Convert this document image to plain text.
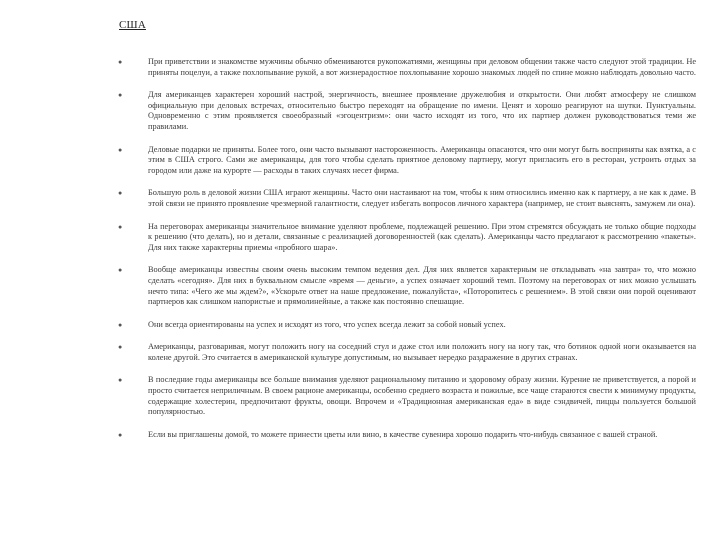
США
●	При приветствии и знакомстве мужчины обычно обмениваются рукопожатиями, женщины при деловом общении также часто следуют этой традиции. Не приняты поцелуи, а также похлопывание рукой, а вот жизнерадостное похлопывание хорошо знакомых людей по спине можно наблюдать довольно часто.
●	Для американцев характерен хороший настрой, энергичность, внешнее проявление дружелюбия и открытости. Они любят атмосферу не слишком официальную при деловых встречах, относительно быстро переходят на обращение по имени. Ценят и хорошо реагируют на шутки. Пунктуальны. Одновременно с этим проявляется своеобразный «эгоцентризм»: они часто исходят из того, что их партнер должен руководствоваться теми же правилами.
●	Деловые подарки не приняты. Более того, они часто вызывают настороженность. Американцы опасаются, что они могут быть восприняты как взятка, а с этим в США строго. Сами же американцы, для того чтобы сделать приятное деловому партнеру, могут пригласить его в ресторан, устроить отдых за городом или даже на курорте — расходы в таких случаях несет фирма.
●	Большую роль в деловой жизни США играют женщины. Часто они настаивают на том, чтобы к ним относились именно как к партнеру, а не как к даме. В этой связи не принято проявление чрезмерной галантности, следует избегать вопросов личного характера (например, не стоит выяснять, замужем ли она).
●	На переговорах американцы значительное внимание уделяют проблеме, подлежащей решению. При этом стремятся обсуждать не только общие подходы к решению (что делать), но и детали, связанные с реализацией договоренностей (как сделать). Американцы часто предлагают к рассмотрению «пакеты». Для них также характерны приемы «пробного шара».
●	Вообще американцы известны своим очень высоким темпом ведения дел. Для них является характерным не откладывать «на завтра» то, что можно сделать «сегодня». Для них в буквальном смысле «время — деньги», а успех означает хороший темп. Поэтому на переговорах от них можно услышать нечто типа: «Чего же мы ждем?», «Ускорьте ответ на наше предложение, пожалуйста», «Поторопитесь с решением». В этой связи они порой оценивают партнеров как слишком напористые и прямолинейные, а также как постоянно спешащие.
●	Они всегда ориентированы на успех и исходят из того, что успех всегда лежит за собой новый успех.
●	Американцы, разговаривая, могут положить ногу на соседний стул и даже стол или положить ногу на ногу так, что ботинок одной ноги оказывается на колене другой. Это считается в американской культуре допустимым, но вызывает нередко раздражение в других странах.
●	В последние годы американцы все больше внимания уделяют рациональному питанию и здоровому образу жизни. Курение не приветствуется, а порой и просто считается неприличным. В своем рационе американцы, особенно среднего возраста и пожилые, все чаще стараются свести к минимуму продукты, содержащие холестерин, предпочитают фрукты, овощи. Впрочем и «Традиционная американская еда» в виде сэндвичей, пиццы пользуется большой популярностью.
●	Если вы приглашены домой, то можете принести цветы или вино, в качестве сувенира хорошо подарить что-нибудь связанное с вашей страной.
